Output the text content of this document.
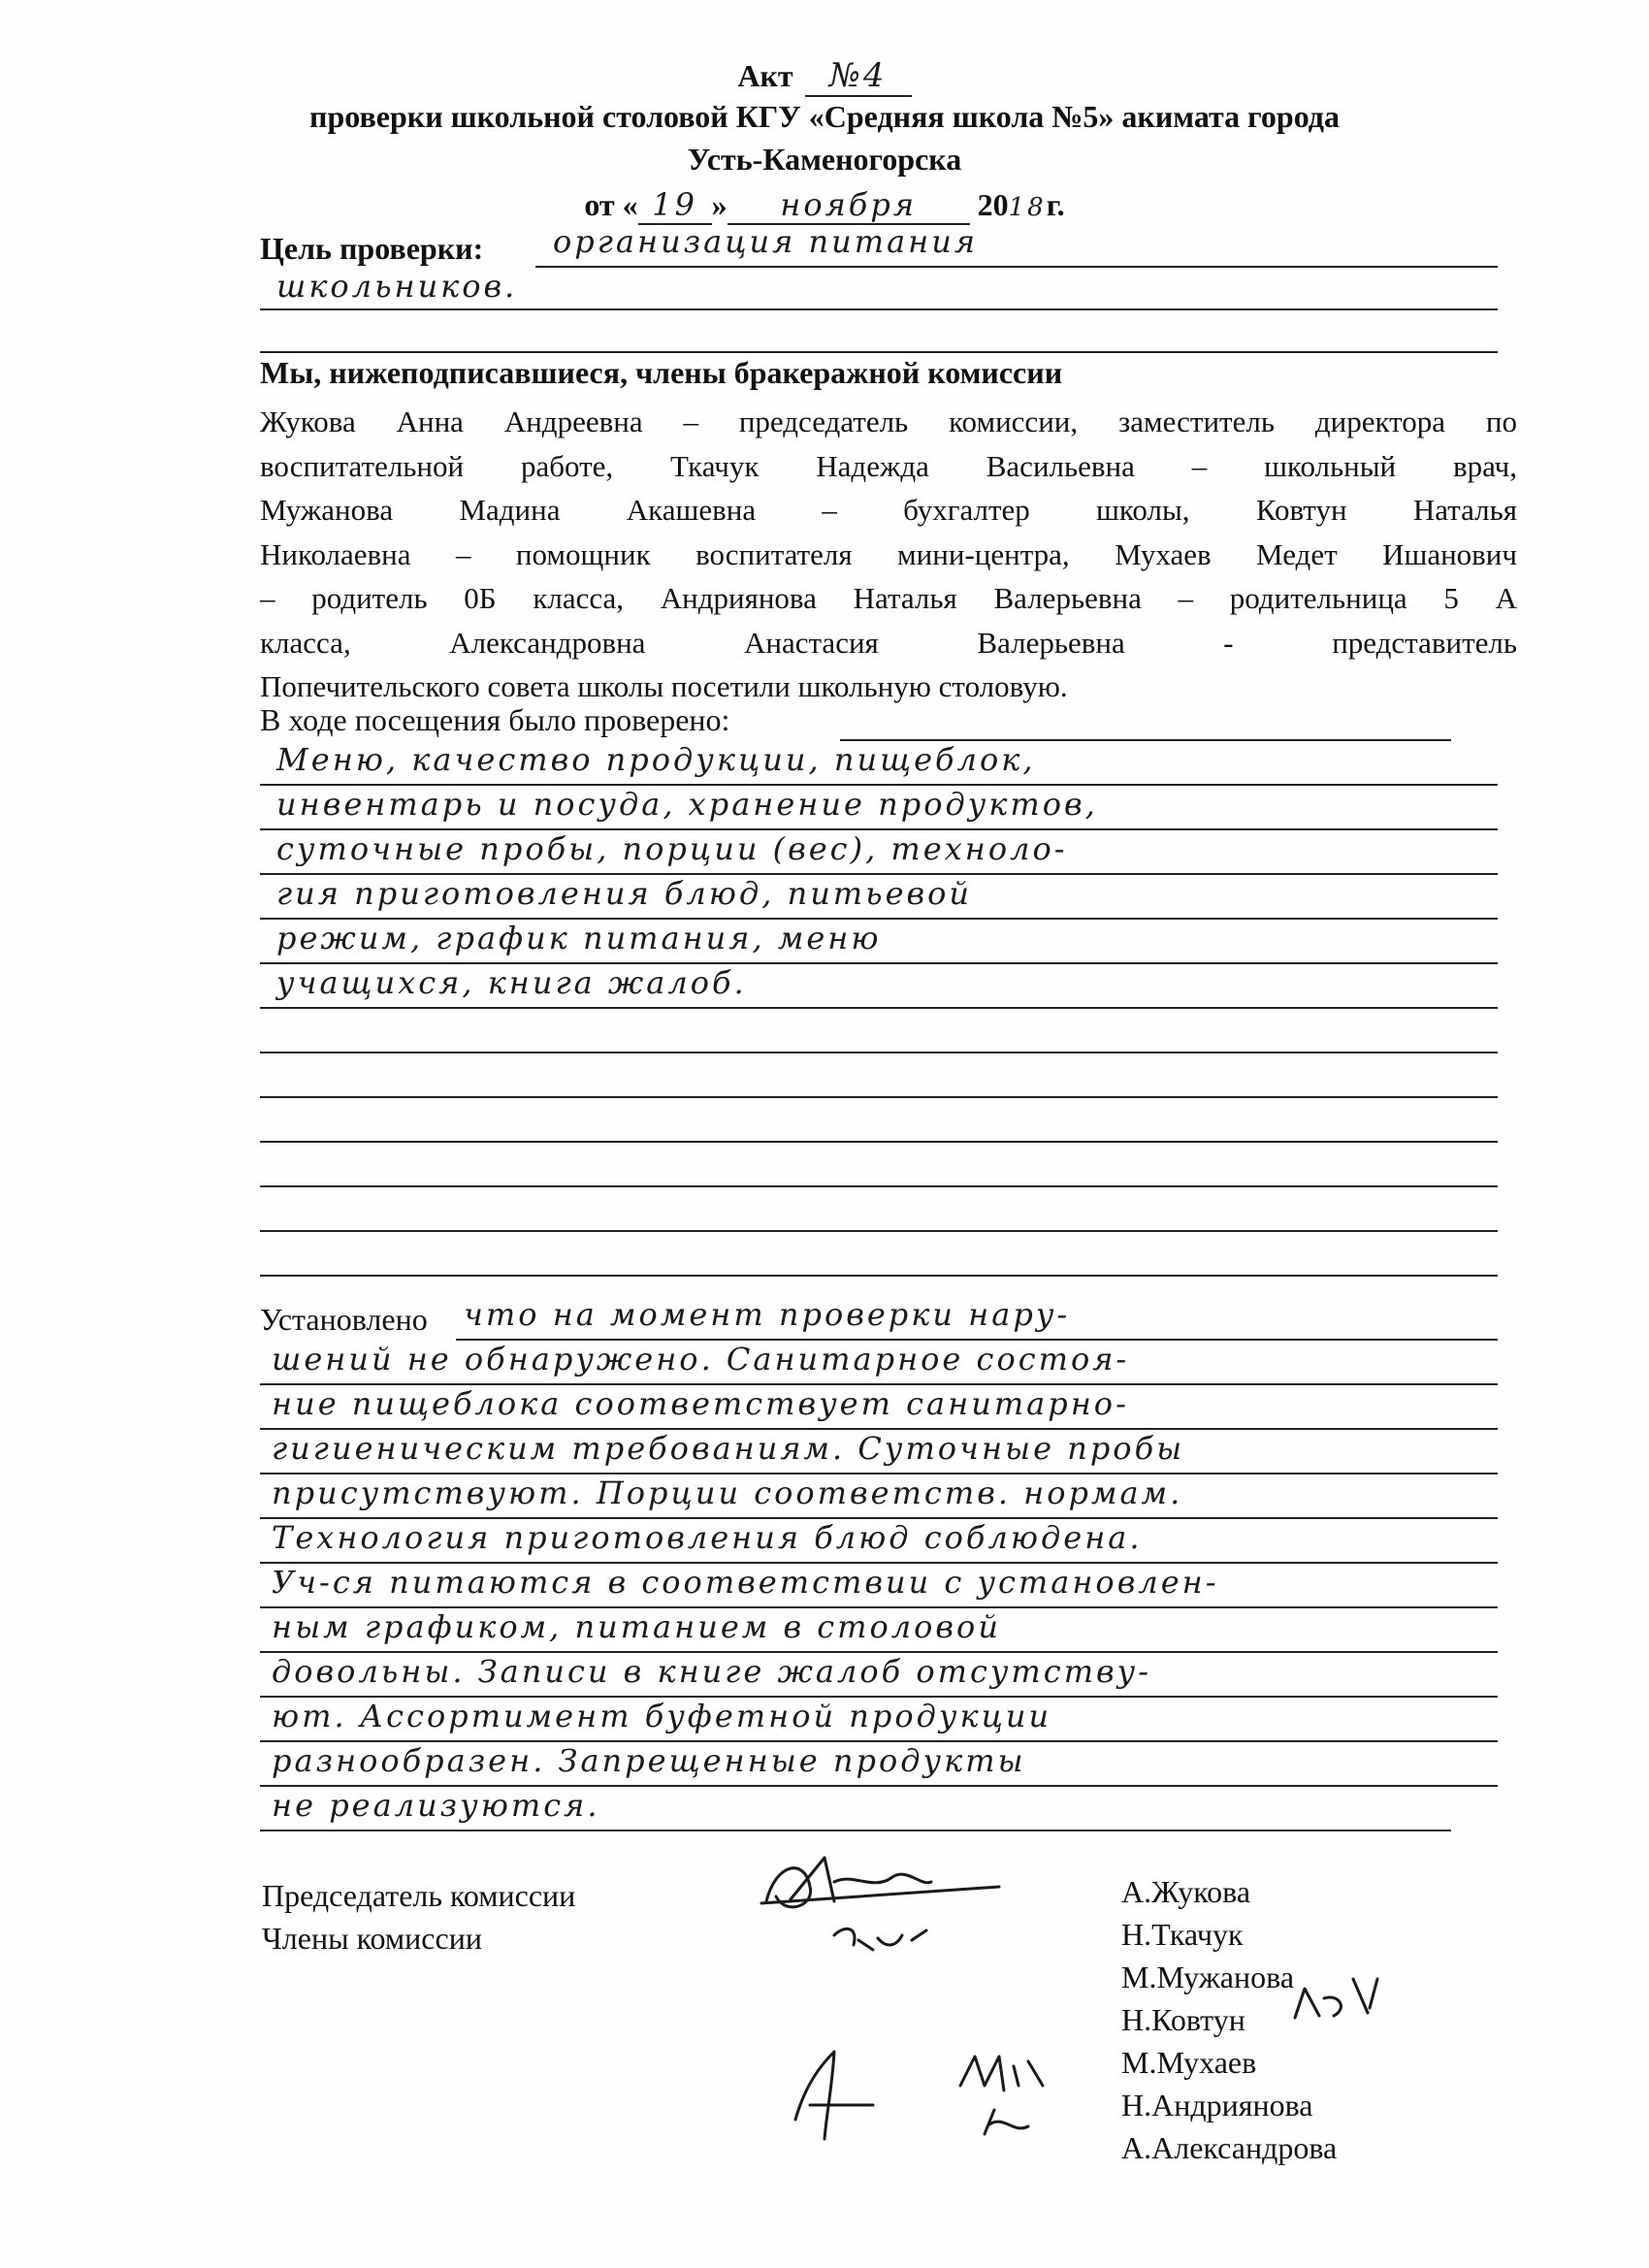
Акт №4
проверки школьной столовой КГУ «Средняя школа №5» акимата города
Усть-Каменогорска
от « 19 » ноября 2018г.
Цель проверки: организация питания
школьников.
Мы, нижеподписавшиеся, члены бракеражной комиссии
Жукова Анна Андреевна – председатель комиссии, заместитель директора по
воспитательной работе, Ткачук Надежда Васильевна – школьный врач,
Мужанова Мадина Акашевна – бухгалтер школы, Ковтун Наталья
Николаевна – помощник воспитателя мини-центра, Мухаев Медет Ишанович
– родитель 0Б класса, Андриянова Наталья Валерьевна – родительница 5 А
класса, Александровна Анастасия Валерьевна - представитель
Попечительского совета школы посетили школьную столовую.
В ходе посещения было проверено:
Меню, качество продукции, пищеблок,
инвентарь и посуда, хранение продуктов,
суточные пробы, порции (вес), техноло-
гия приготовления блюд, питьевой
режим, график питания, меню
учащихся, книга жалоб.
Установлено что на момент проверки нару-
шений не обнаружено. Санитарное состоя-
ние пищеблока соответствует санитарно-
гигиеническим требованиям. Суточные пробы
присутствуют. Порции соответств. нормам.
Технология приготовления блюд соблюдена.
Уч-ся питаются в соответствии с установлен-
ным графиком, питанием в столовой
довольны. Записи в книге жалоб отсутству-
ют. Ассортимент буфетной продукции
разнообразен. Запрещенные продукты
не реализуются.
Председатель комиссии
Члены комиссии
А.Жукова
Н.Ткачук
М.Мужанова
Н.Ковтун
М.Мухаев
Н.Андриянова
А.Александрова
